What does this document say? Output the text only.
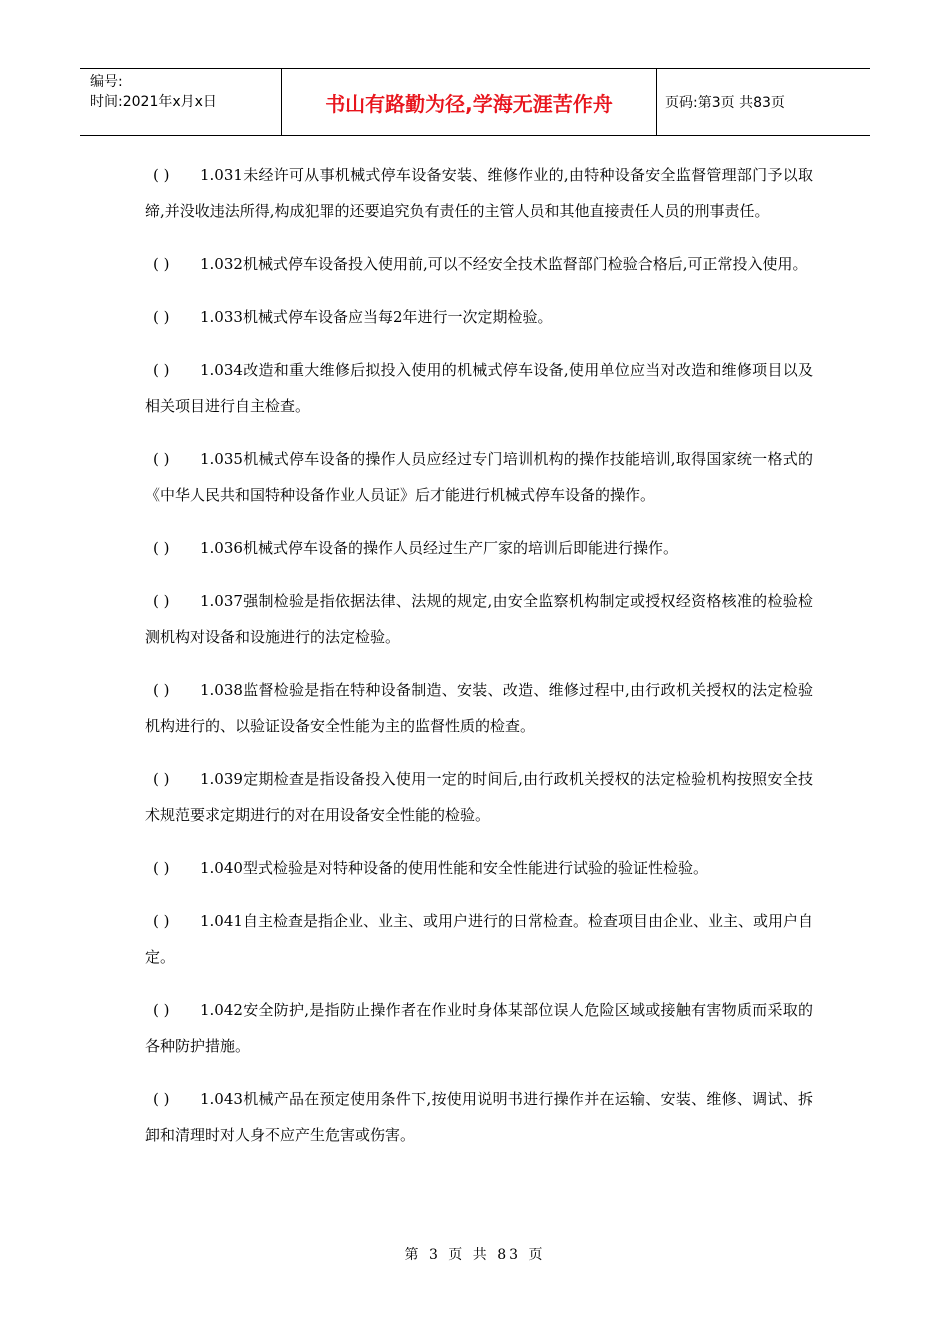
编号:
时间:2021年x月x日	书山有路勤为径,学海无涯苦作舟	页码:第3页 共83页

( ) 1.031未经许可从事机械式停车设备安装、维修作业的,由特种设备安全监督管理部门予以取缔,并没收违法所得,构成犯罪的还要追究负有责任的主管人员和其他直接责任人员的刑事责任。

( ) 1.032机械式停车设备投入使用前,可以不经安全技术监督部门检验合格后,可正常投入使用。

( ) 1.033机械式停车设备应当每2年进行一次定期检验。

( ) 1.034改造和重大维修后拟投入使用的机械式停车设备,使用单位应当对改造和维修项目以及相关项目进行自主检查。

( ) 1.035机械式停车设备的操作人员应经过专门培训机构的操作技能培训,取得国家统一格式的《中华人民共和国特种设备作业人员证》后才能进行机械式停车设备的操作。

( ) 1.036机械式停车设备的操作人员经过生产厂家的培训后即能进行操作。

( ) 1.037强制检验是指依据法律、法规的规定,由安全监察机构制定或授权经资格核准的检验检测机构对设备和设施进行的法定检验。

( ) 1.038监督检验是指在特种设备制造、安装、改造、维修过程中,由行政机关授权的法定检验机构进行的、以验证设备安全性能为主的监督性质的检查。

( ) 1.039定期检查是指设备投入使用一定的时间后,由行政机关授权的法定检验机构按照安全技术规范要求定期进行的对在用设备安全性能的检验。

( ) 1.040型式检验是对特种设备的使用性能和安全性能进行试验的验证性检验。

( ) 1.041自主检查是指企业、业主、或用户进行的日常检查。检查项目由企业、业主、或用户自定。

( ) 1.042安全防护,是指防止操作者在作业时身体某部位误人危险区域或接触有害物质而采取的各种防护措施。

( ) 1.043机械产品在预定使用条件下,按使用说明书进行操作并在运输、安装、维修、调试、拆卸和清理时对人身不应产生危害或伤害。

第 3 页 共 83 页
